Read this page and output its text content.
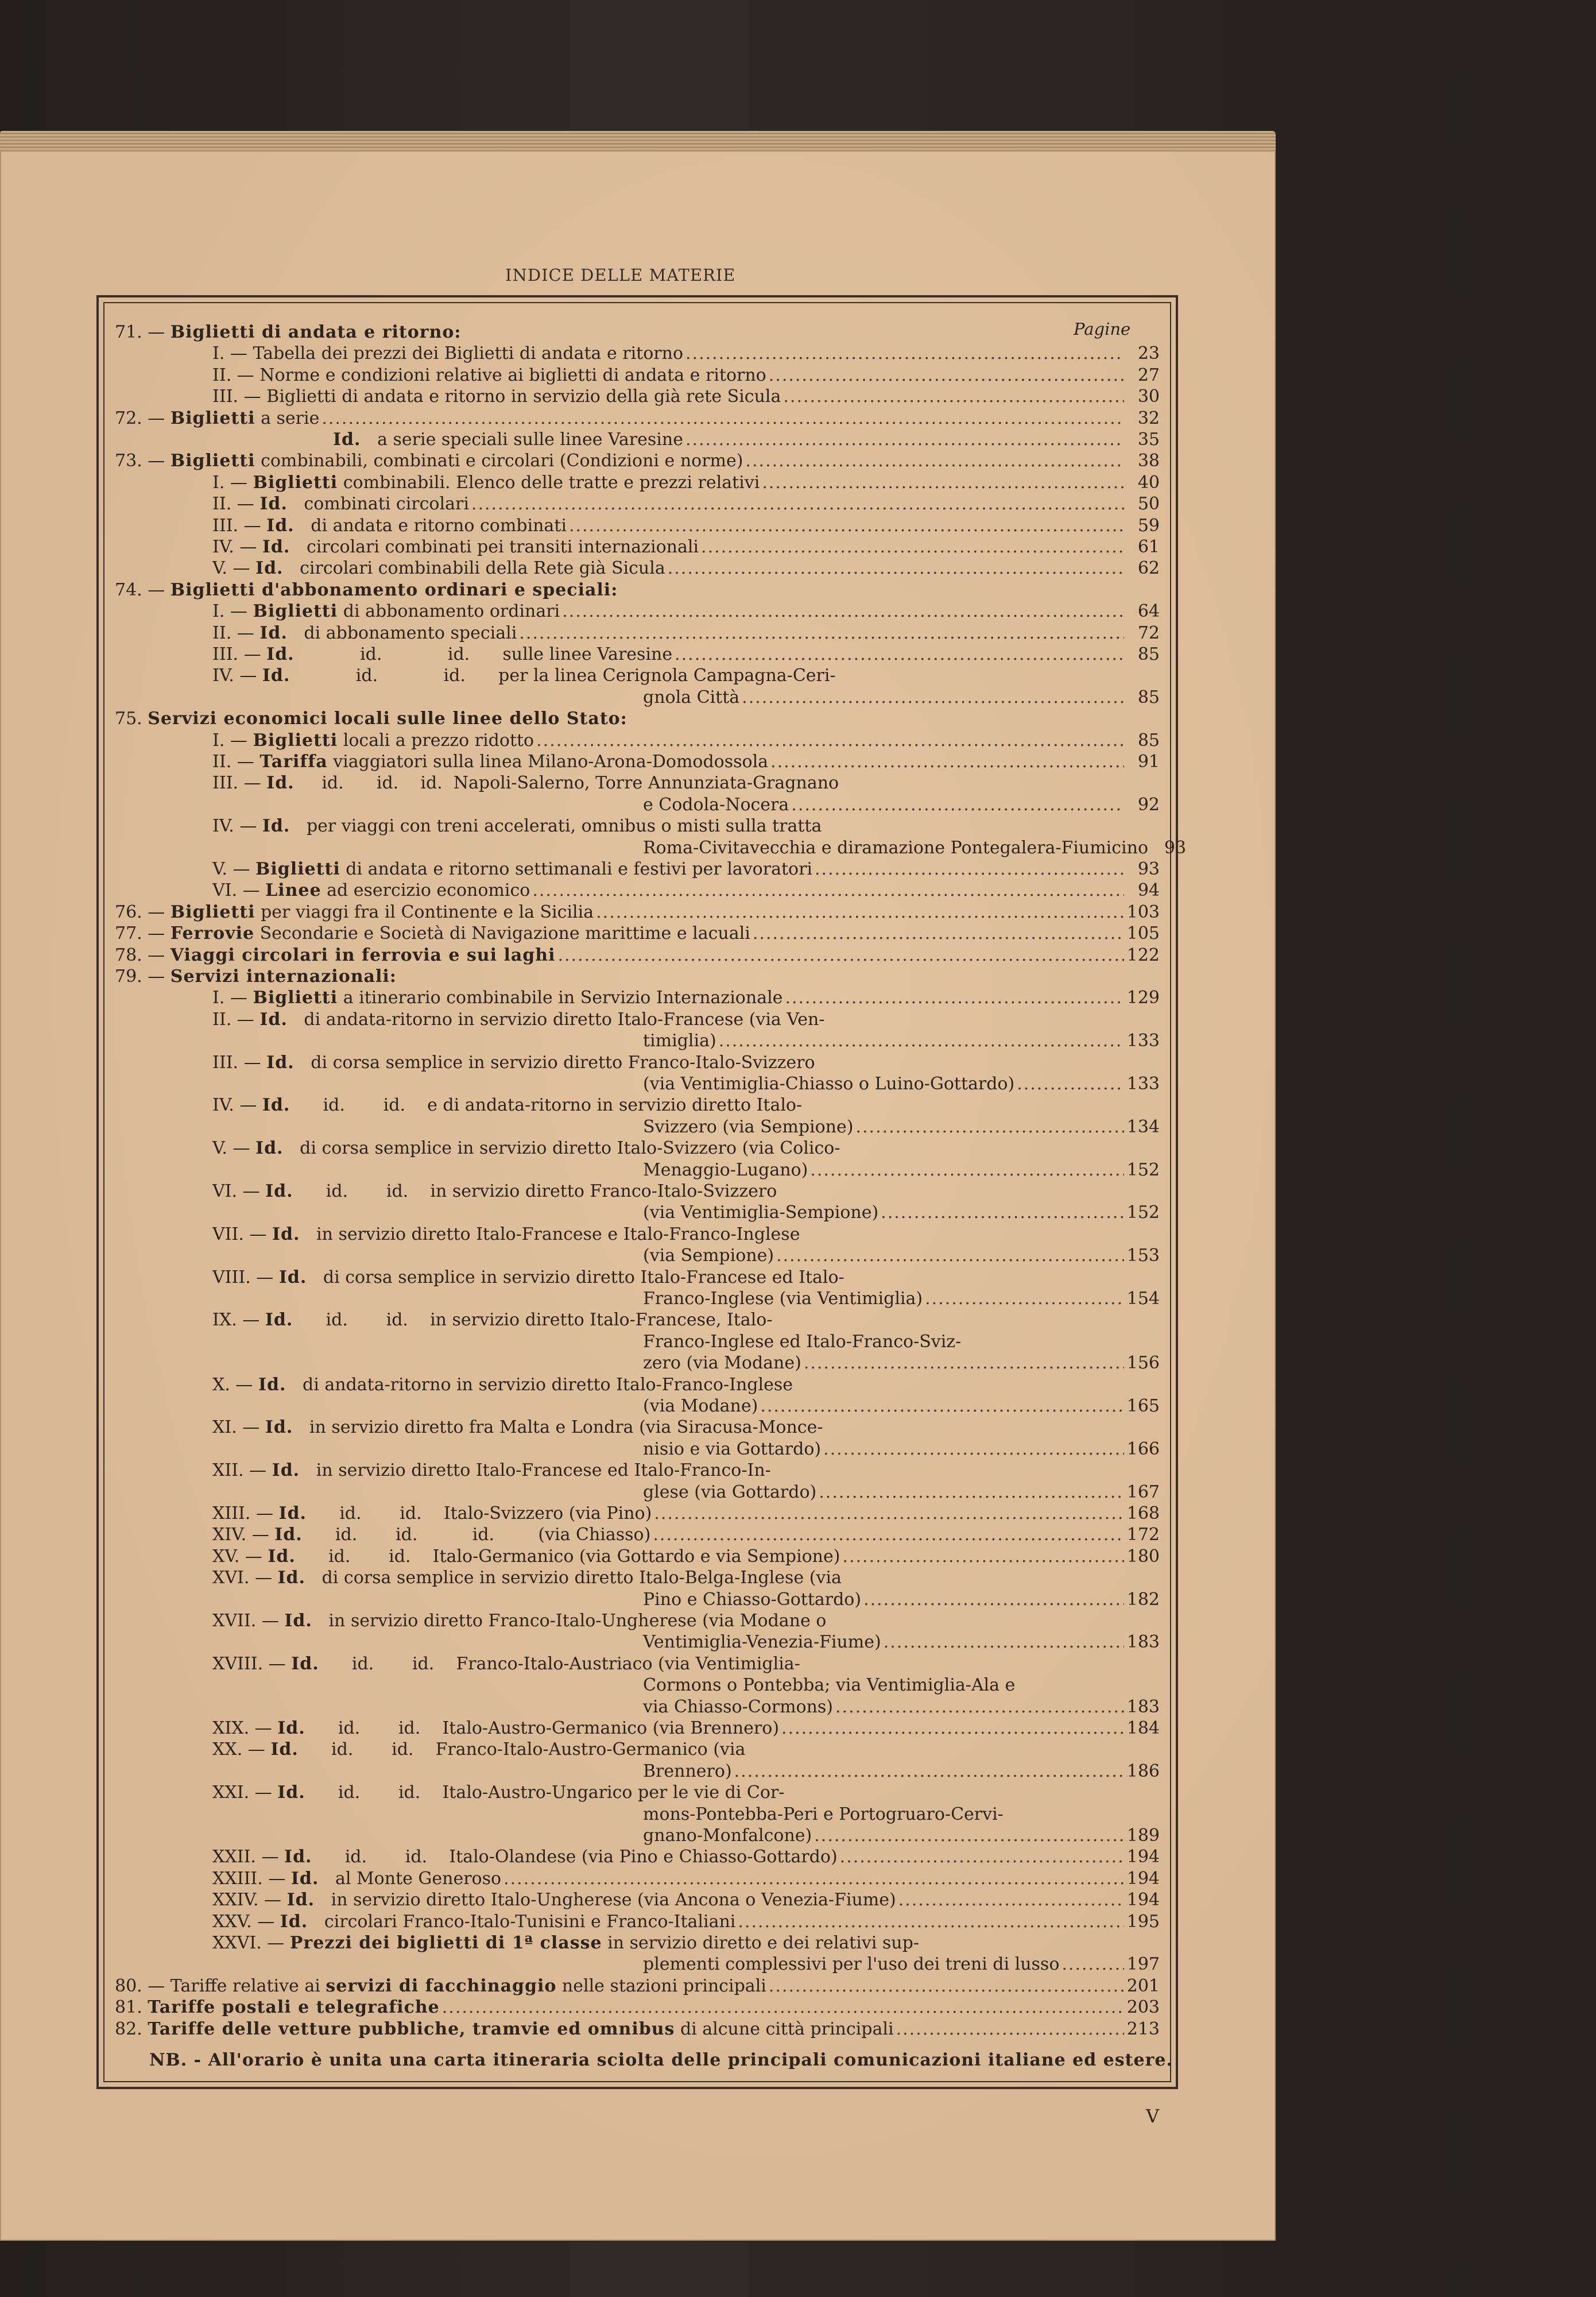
INDICE DELLE MATERIE
Pagine
71. — Biglietti di andata e ritorno:
I. — Tabella dei prezzi dei Biglietti di andata e ritorno .....	23
II. — Norme e condizioni relative ai biglietti di andata e ritorno .....	27
III. — Biglietti di andata e ritorno in servizio della già rete Sicula .....	30
72. — Biglietti a serie .....	32
Id.   a serie speciali sulle linee Varesine .....	35
73. — Biglietti combinabili, combinati e circolari (Condizioni e norme) .....	38
I. — Biglietti combinabili. Elenco delle tratte e prezzi relativi .....	40
II. — Id.   combinati circolari .....	50
III. — Id.   di andata e ritorno combinati .....	59
IV. — Id.   circolari combinati pei transiti internazionali .....	61
V. — Id.   circolari combinabili della Rete già Sicula .....	62
74. — Biglietti d'abbonamento ordinari e speciali:
I. — Biglietti di abbonamento ordinari .....	64
II. — Id.   di abbonamento speciali .....	72
III. — Id.            id.            id.      sulle linee Varesine .....	85
IV. — Id.            id.            id.      per la linea Cerignola Campagna-Ceri-
gnola Città .....	85
75. Servizi economici locali sulle linee dello Stato:
I. — Biglietti locali a prezzo ridotto .....	85
II. — Tariffa viaggiatori sulla linea Milano-Arona-Domodossola .....	91
III. — Id.     id.      id.    id.  Napoli-Salerno, Torre Annunziata-Gragnano
e Codola-Nocera .....	92
IV. — Id.   per viaggi con treni accelerati, omnibus o misti sulla tratta
Roma-Civitavecchia e diramazione Pontegalera-Fiumicino 93
V. — Biglietti di andata e ritorno settimanali e festivi per lavoratori .....	93
VI. — Linee ad esercizio economico .....	94
76. — Biglietti per viaggi fra il Continente e la Sicilia .....	103
77. — Ferrovie Secondarie e Società di Navigazione marittime e lacuali .....	105
78. — Viaggi circolari in ferrovia e sui laghi .....	122
79. — Servizi internazionali:
I. — Biglietti a itinerario combinabile in Servizio Internazionale .....	129
II. — Id.   di andata-ritorno in servizio diretto Italo-Francese (via Ven-
timiglia) .....	133
III. — Id.   di corsa semplice in servizio diretto Franco-Italo-Svizzero
(via Ventimiglia-Chiasso o Luino-Gottardo) .....	133
IV. — Id.      id.       id.    e di andata-ritorno in servizio diretto Italo-
Svizzero (via Sempione) .....	134
V. — Id.   di corsa semplice in servizio diretto Italo-Svizzero (via Colico-
Menaggio-Lugano) .....	152
VI. — Id.      id.       id.    in servizio diretto Franco-Italo-Svizzero
(via Ventimiglia-Sempione) .....	152
VII. — Id.   in servizio diretto Italo-Francese e Italo-Franco-Inglese
(via Sempione) .....	153
VIII. — Id.   di corsa semplice in servizio diretto Italo-Francese ed Italo-
Franco-Inglese (via Ventimiglia) .....	154
IX. — Id.      id.       id.    in servizio diretto Italo-Francese, Italo-
Franco-Inglese ed Italo-Franco-Sviz-
zero (via Modane) .....	156
X. — Id.   di andata-ritorno in servizio diretto Italo-Franco-Inglese
(via Modane) .....	165
XI. — Id.   in servizio diretto fra Malta e Londra (via Siracusa-Monce-
nisio e via Gottardo) .....	166
XII. — Id.   in servizio diretto Italo-Francese ed Italo-Franco-In-
glese (via Gottardo) .....	167
XIII. — Id.      id.       id.    Italo-Svizzero (via Pino) .....	168
XIV. — Id.      id.       id.          id.        (via Chiasso) .....	172
XV. — Id.      id.       id.    Italo-Germanico (via Gottardo e via Sempione) .....	180
XVI. — Id.   di corsa semplice in servizio diretto Italo-Belga-Inglese (via
Pino e Chiasso-Gottardo) .....	182
XVII. — Id.   in servizio diretto Franco-Italo-Ungherese (via Modane o
Ventimiglia-Venezia-Fiume) .....	183
XVIII. — Id.      id.       id.    Franco-Italo-Austriaco (via Ventimiglia-
Cormons o Pontebba; via Ventimiglia-Ala e
via Chiasso-Cormons) .....	183
XIX. — Id.      id.       id.    Italo-Austro-Germanico (via Brennero) .....	184
XX. — Id.      id.       id.    Franco-Italo-Austro-Germanico (via
Brennero) .....	186
XXI. — Id.      id.       id.    Italo-Austro-Ungarico per le vie di Cor-
mons-Pontebba-Peri e Portogruaro-Cervi-
gnano-Monfalcone) .....	189
XXII. — Id.      id.       id.    Italo-Olandese (via Pino e Chiasso-Gottardo) .....	194
XXIII. — Id.   al Monte Generoso .....	194
XXIV. — Id.   in servizio diretto Italo-Ungherese (via Ancona o Venezia-Fiume) .....	194
XXV. — Id.   circolari Franco-Italo-Tunisini e Franco-Italiani .....	195
XXVI. — Prezzi dei biglietti di 1ª classe in servizio diretto e dei relativi sup-
plementi complessivi per l'uso dei treni di lusso .....	197
80. — Tariffe relative ai servizi di facchinaggio nelle stazioni principali .....	201
81. Tariffe postali e telegrafiche .....	203
82. Tariffe delle vetture pubbliche, tramvie ed omnibus di alcune città principali .....	213
NB. - All'orario è unita una carta itineraria sciolta delle principali comunicazioni italiane ed estere.
V
